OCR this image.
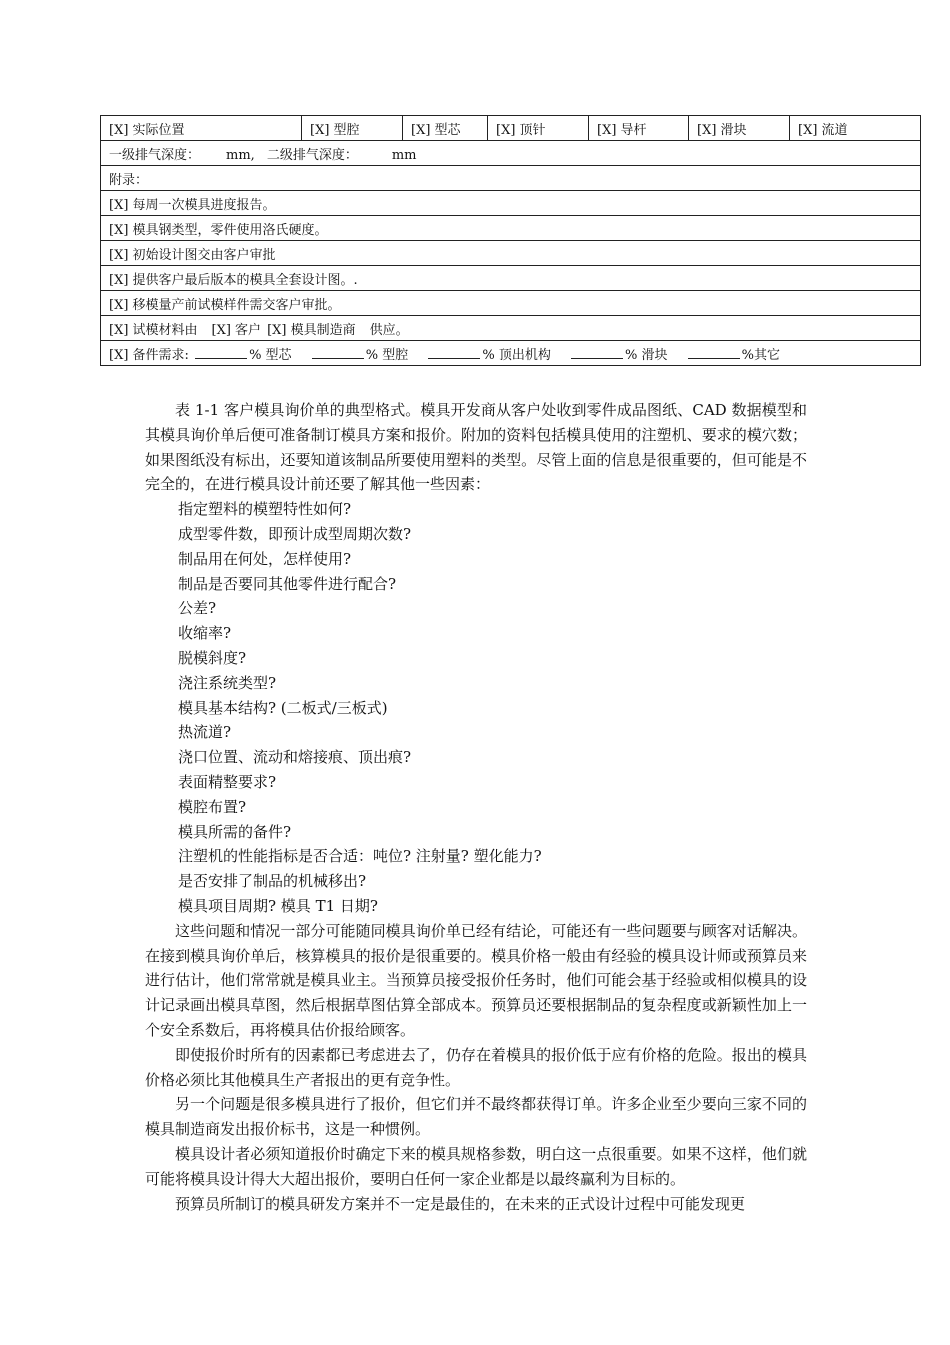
[X] 实际位置	[X] 型腔	[X] 型芯	[X] 顶针	[X] 导杆	[X] 滑块	[X] 流道
一级排气深度： mm, 二级排气深度：	mm
附录：
[X] 每周一次模具进度报告。
[X] 模具钢类型，零件使用洛氏硬度。
[X] 初始设计图交由客户审批
[X] 提供客户最后版本的模具全套设计图。.
[X] 移模量产前试模样件需交客户审批。
[X] 试模材料由 [X] 客户 [X] 模具制造商 供应。
[X] 备件需求:	% 型芯	% 型腔	% 顶出机构	% 滑块	%其它

表 1-1 客户模具询价单的典型格式。模具开发商从客户处收到零件成品图纸、CAD 数据模型和其模具询价单后便可准备制订模具方案和报价。附加的资料包括模具使用的注塑机、要求的模穴数；如果图纸没有标出，还要知道该制品所要使用塑料的类型。尽管上面的信息是很重要的，但可能是不完全的，在进行模具设计前还要了解其他一些因素：

指定塑料的模塑特性如何?
成型零件数，即预计成型周期次数?
制品用在何处，怎样使用?
制品是否要同其他零件进行配合?
公差?
收缩率?
脱模斜度?
浇注系统类型?
模具基本结构? (二板式/三板式)
热流道?
浇口位置、流动和熔接痕、顶出痕?
表面精整要求?
模腔布置?
模具所需的备件?
注塑机的性能指标是否合适：吨位? 注射量? 塑化能力?
是否安排了制品的机械移出?
模具项目周期? 模具 T1 日期?

这些问题和情况一部分可能随同模具询价单已经有结论，可能还有一些问题要与顾客对话解决。在接到模具询价单后，核算模具的报价是很重要的。模具价格一般由有经验的模具设计师或预算员来进行估计，他们常常就是模具业主。当预算员接受报价任务时，他们可能会基于经验或相似模具的设计记录画出模具草图，然后根据草图估算全部成本。预算员还要根据制品的复杂程度或新颖性加上一个安全系数后，再将模具估价报给顾客。

即使报价时所有的因素都已考虑进去了，仍存在着模具的报价低于应有价格的危险。报出的模具价格必须比其他模具生产者报出的更有竞争性。

另一个问题是很多模具进行了报价，但它们并不最终都获得订单。许多企业至少要向三家不同的模具制造商发出报价标书，这是一种惯例。

模具设计者必须知道报价时确定下来的模具规格参数，明白这一点很重要。如果不这样，他们就可能将模具设计得大大超出报价，要明白任何一家企业都是以最终赢利为目标的。

预算员所制订的模具研发方案并不一定是最佳的，在未来的正式设计过程中可能发现更
